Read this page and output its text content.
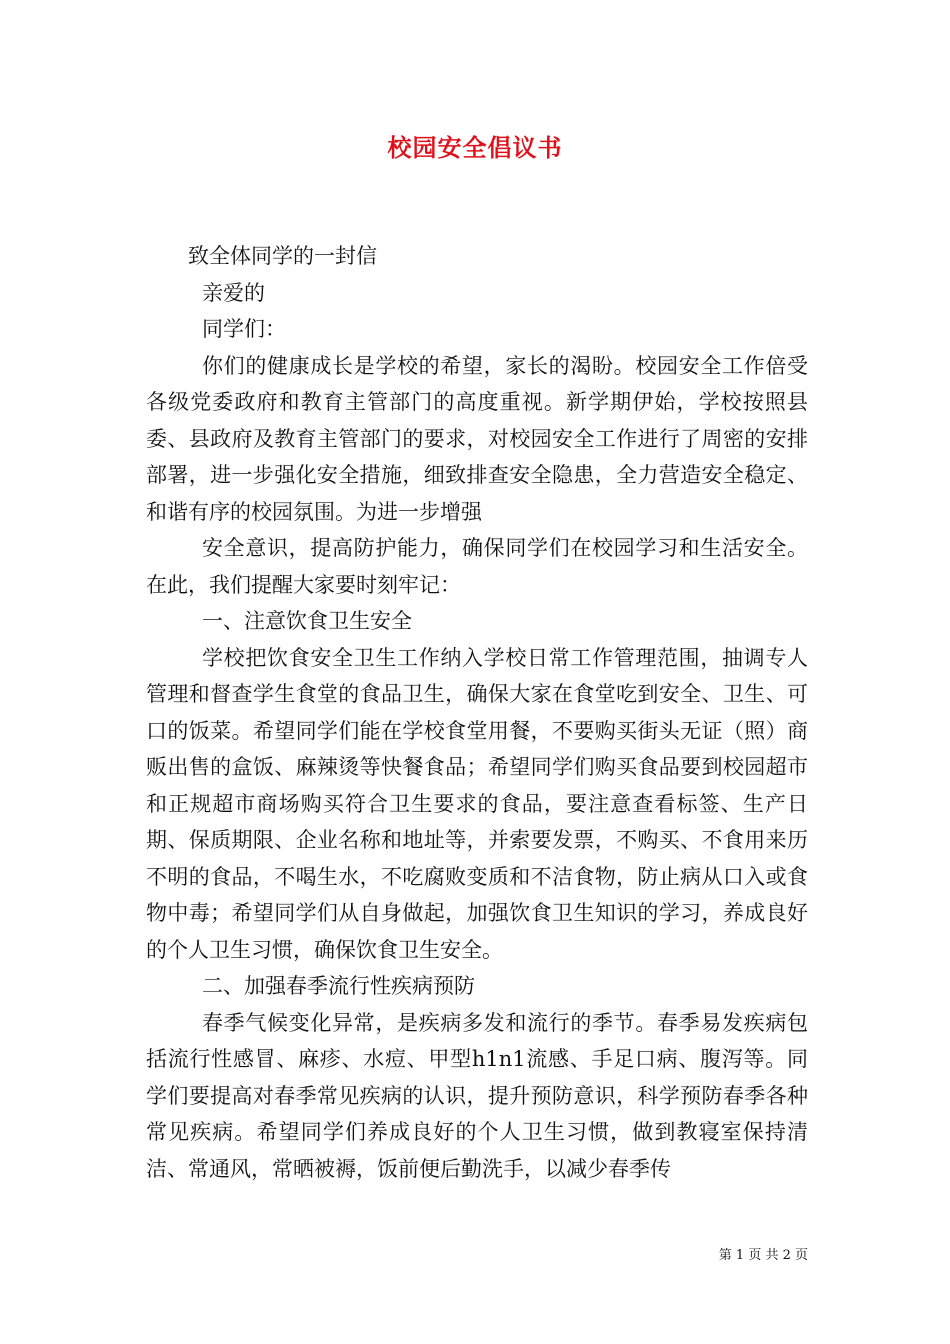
校园安全倡议书

致全体同学的一封信

亲爱的

同学们：

你们的健康成长是学校的希望，家长的渴盼。校园安全工作倍受各级党委政府和教育主管部门的高度重视。新学期伊始，学校按照县委、县政府及教育主管部门的要求，对校园安全工作进行了周密的安排部署，进一步强化安全措施，细致排查安全隐患，全力营造安全稳定、和谐有序的校园氛围。为进一步增强

安全意识，提高防护能力，确保同学们在校园学习和生活安全。在此，我们提醒大家要时刻牢记：

一、注意饮食卫生安全

学校把饮食安全卫生工作纳入学校日常工作管理范围，抽调专人管理和督查学生食堂的食品卫生，确保大家在食堂吃到安全、卫生、可口的饭菜。希望同学们能在学校食堂用餐，不要购买街头无证（照）商贩出售的盒饭、麻辣烫等快餐食品；希望同学们购买食品要到校园超市和正规超市商场购买符合卫生要求的食品，要注意查看标签、生产日期、保质期限、企业名称和地址等，并索要发票，不购买、不食用来历不明的食品，不喝生水，不吃腐败变质和不洁食物，防止病从口入或食物中毒；希望同学们从自身做起，加强饮食卫生知识的学习，养成良好的个人卫生习惯，确保饮食卫生安全。

二、加强春季流行性疾病预防

春季气候变化异常，是疾病多发和流行的季节。春季易发疾病包括流行性感冒、麻疹、水痘、甲型h1n1流感、手足口病、腹泻等。同学们要提高对春季常见疾病的认识，提升预防意识，科学预防春季各种常见疾病。希望同学们养成良好的个人卫生习惯，做到教寝室保持清洁、常通风，常晒被褥，饭前便后勤洗手，以减少春季传

第 1 页 共 2 页
